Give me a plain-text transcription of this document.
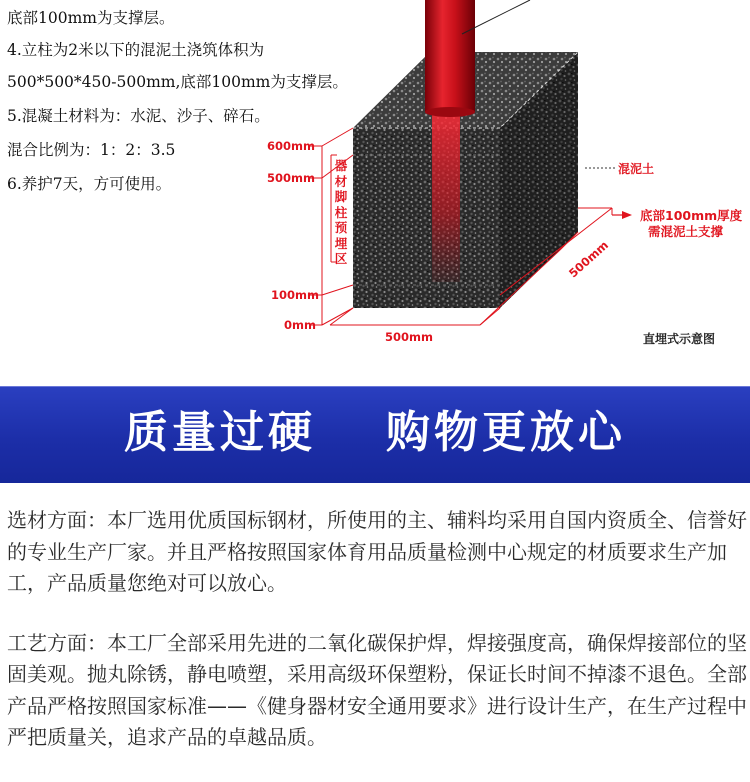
底部100mm为支撑层。
4.立柱为2米以下的混泥土浇筑体积为
500*500*450-500mm,底部100mm为支撑层。
5.混凝土材料为：水泥、沙子、碎石。
混合比例为：1：2：3.5
6.养护7天，方可使用。
600mm
500mm
100mm
0mm
器材脚柱预埋区
混泥土
底部100mm厚度
需混泥土支撑
500mm
500mm
直埋式示意图
质量过硬 购物更放心

选材方面：本厂选用优质国标钢材，所使用的主、辅料均采用自国内资质全、信誉好的专业生产厂家。并且严格按照国家体育用品质量检测中心规定的材质要求生产加工，产品质量您绝对可以放心。

工艺方面：本工厂全部采用先进的二氧化碳保护焊，焊接强度高，确保焊接部位的坚固美观。抛丸除锈，静电喷塑，采用高级环保塑粉，保证长时间不掉漆不退色。全部产品严格按照国家标准——《健身器材安全通用要求》进行设计生产，在生产过程中严把质量关，追求产品的卓越品质。
